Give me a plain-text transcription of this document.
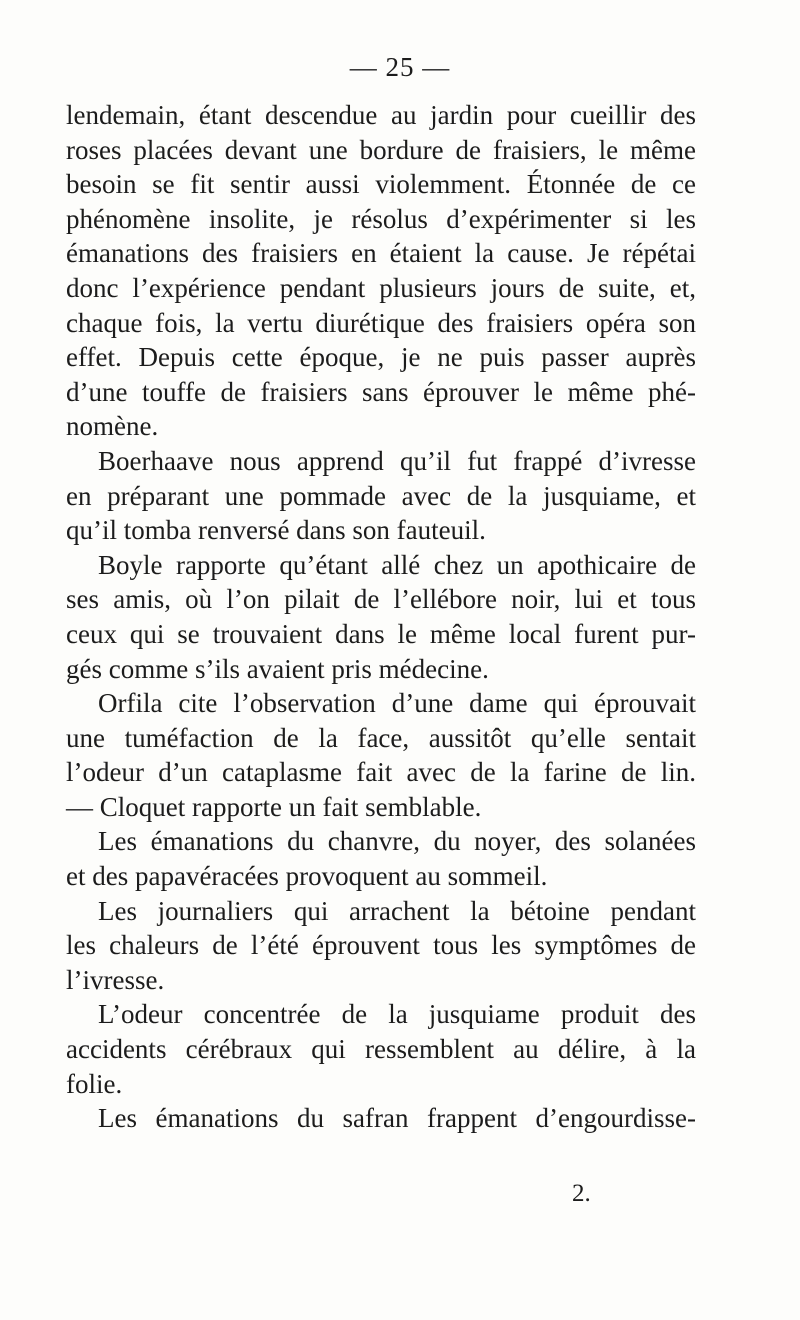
— 25 —
lendemain, étant descendue au jardin pour cueillir des
roses placées devant une bordure de fraisiers, le même
besoin se fit sentir aussi violemment. Étonnée de ce
phénomène insolite, je résolus d’expérimenter si les
émanations des fraisiers en étaient la cause. Je répétai
donc l’expérience pendant plusieurs jours de suite, et,
chaque fois, la vertu diurétique des fraisiers opéra son
effet. Depuis cette époque, je ne puis passer auprès
d’une touffe de fraisiers sans éprouver le même phé-
nomène.
Boerhaave nous apprend qu’il fut frappé d’ivresse
en préparant une pommade avec de la jusquiame, et
qu’il tomba renversé dans son fauteuil.
Boyle rapporte qu’étant allé chez un apothicaire de
ses amis, où l’on pilait de l’ellébore noir, lui et tous
ceux qui se trouvaient dans le même local furent pur-
gés comme s’ils avaient pris médecine.
Orfila cite l’observation d’une dame qui éprouvait
une tuméfaction de la face, aussitôt qu’elle sentait
l’odeur d’un cataplasme fait avec de la farine de lin.
— Cloquet rapporte un fait semblable.
Les émanations du chanvre, du noyer, des solanées
et des papavéracées provoquent au sommeil.
Les journaliers qui arrachent la bétoine pendant
les chaleurs de l’été éprouvent tous les symptômes de
l’ivresse.
L’odeur concentrée de la jusquiame produit des
accidents cérébraux qui ressemblent au délire, à la
folie.
Les émanations du safran frappent d’engourdisse-
2.
